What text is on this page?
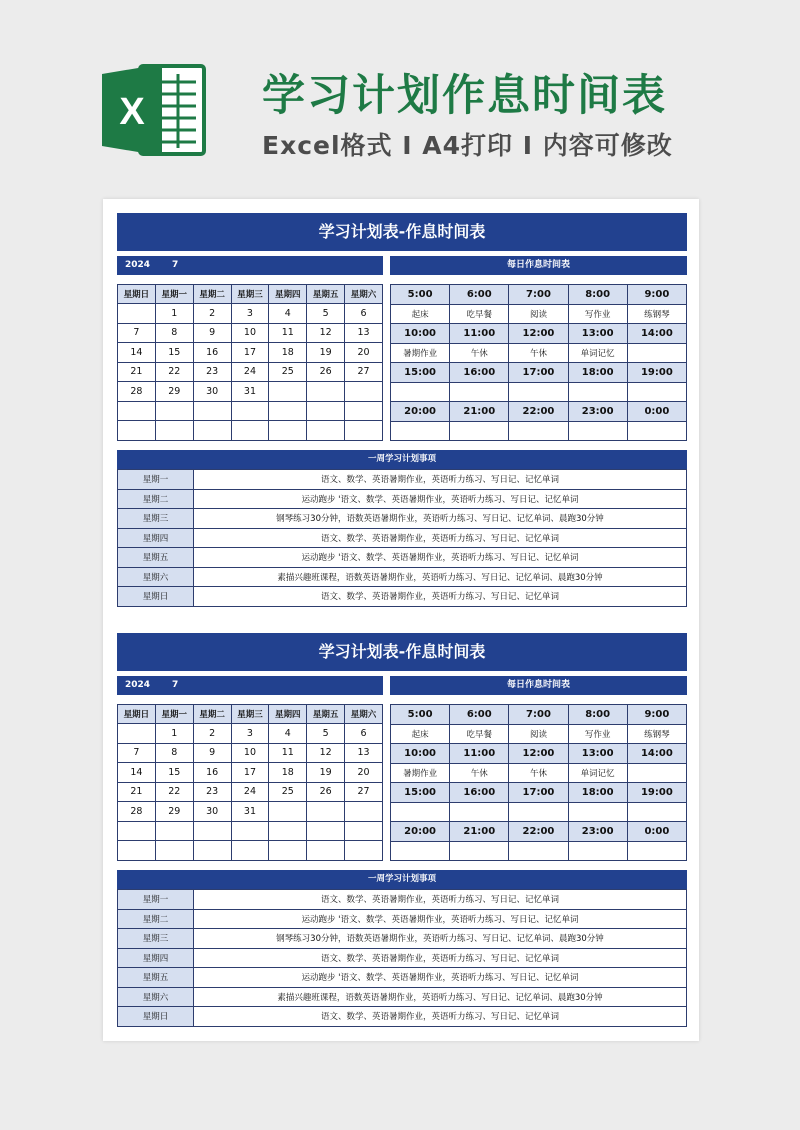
X	学习计划作息时间表
Excel格式 Ⅰ A4打印 Ⅰ 内容可修改
学习计划表-作息时间表
2024 7	每日作息时间表
星期日	星期一	星期二	星期三	星期四	星期五	星期六
	1	2	3	4	5	6
7	8	9	10	11	12	13
14	15	16	17	18	19	20
21	22	23	24	25	26	27
28	29	30	31			

5:00	6:00	7:00	8:00	9:00
起床	吃早餐	阅读	写作业	练钢琴
10:00	11:00	12:00	13:00	14:00
暑期作业	午休	午休	单词记忆	
15:00	16:00	17:00	18:00	19:00

20:00	21:00	22:00	23:00	0:00

一周学习计划事项
星期一	语文、数学、英语暑期作业，英语听力练习、写日记、记忆单词
星期二	运动跑步 '语文、数学、英语暑期作业，英语听力练习、写日记、记忆单词
星期三	钢琴练习30分钟，语数英语暑期作业，英语听力练习、写日记、记忆单词、晨跑30分钟
星期四	语文、数学、英语暑期作业，英语听力练习、写日记、记忆单词
星期五	运动跑步 '语文、数学、英语暑期作业，英语听力练习、写日记、记忆单词
星期六	素描兴趣班课程，语数英语暑期作业，英语听力练习、写日记、记忆单词、晨跑30分钟
星期日	语文、数学、英语暑期作业，英语听力练习、写日记、记忆单词
学习计划表-作息时间表
2024 7	每日作息时间表
星期日	星期一	星期二	星期三	星期四	星期五	星期六
	1	2	3	4	5	6
7	8	9	10	11	12	13
14	15	16	17	18	19	20
21	22	23	24	25	26	27
28	29	30	31			

5:00	6:00	7:00	8:00	9:00
起床	吃早餐	阅读	写作业	练钢琴
10:00	11:00	12:00	13:00	14:00
暑期作业	午休	午休	单词记忆	
15:00	16:00	17:00	18:00	19:00

20:00	21:00	22:00	23:00	0:00

一周学习计划事项
星期一	语文、数学、英语暑期作业，英语听力练习、写日记、记忆单词
星期二	运动跑步 '语文、数学、英语暑期作业，英语听力练习、写日记、记忆单词
星期三	钢琴练习30分钟，语数英语暑期作业，英语听力练习、写日记、记忆单词、晨跑30分钟
星期四	语文、数学、英语暑期作业，英语听力练习、写日记、记忆单词
星期五	运动跑步 '语文、数学、英语暑期作业，英语听力练习、写日记、记忆单词
星期六	素描兴趣班课程，语数英语暑期作业，英语听力练习、写日记、记忆单词、晨跑30分钟
星期日	语文、数学、英语暑期作业，英语听力练习、写日记、记忆单词
